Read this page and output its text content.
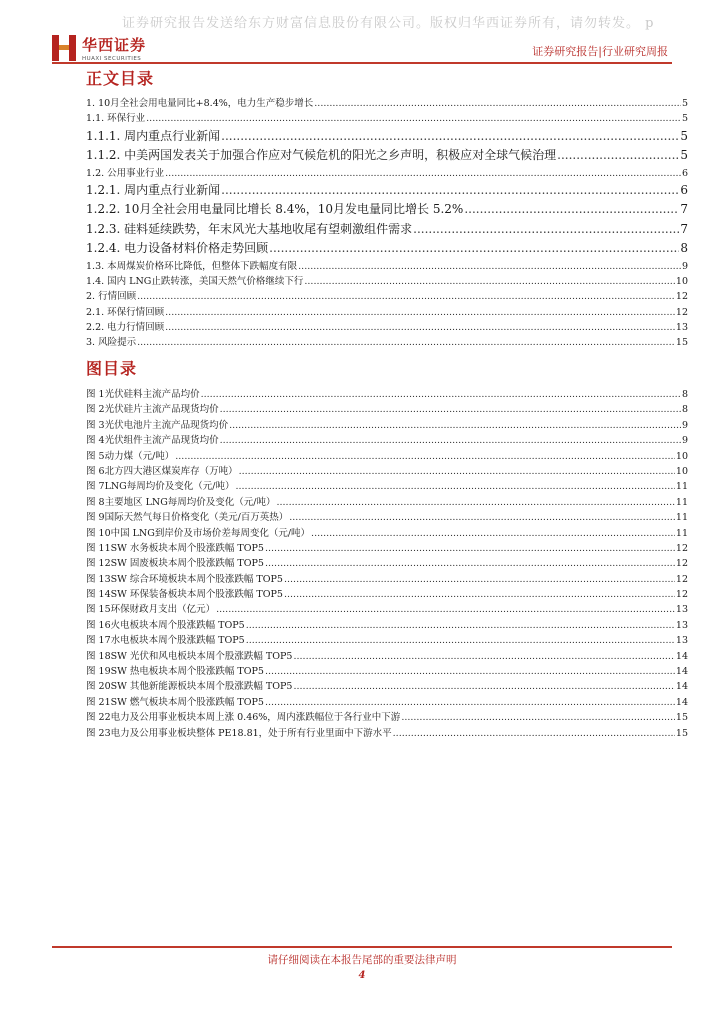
证券研究报告发送给东方财富信息股份有限公司。版权归华西证券所有，请勿转发。 p
华西证券
HUAXI SECURITIES
证券研究报告|行业研究周报
正文目录
1. 10月全社会用电量同比+8.4%，电力生产稳步增长 .....	5
1.1. 环保行业 .....	5
1.1.1. 周内重点行业新闻 .....	5
1.1.2. 中美两国发表关于加强合作应对气候危机的阳光之乡声明，积极应对全球气候治理 .....	5
1.2. 公用事业行业 .....	6
1.2.1. 周内重点行业新闻 .....	6
1.2.2. 10月全社会用电量同比增长 8.4%，10月发电量同比增长 5.2% .....	7
1.2.3. 硅料延续跌势，年末风光大基地收尾有望刺激组件需求 .....	7
1.2.4. 电力设备材料价格走势回顾 .....	8
1.3. 本周煤炭价格环比降低，但整体下跌幅度有限 .....	9
1.4. 国内 LNG止跌转涨，美国天然气价格继续下行 .....	10
2. 行情回顾 .....	12
2.1. 环保行情回顾 .....	12
2.2. 电力行情回顾 .....	13
3. 风险提示 .....	15
图目录
图 1光伏硅料主流产品均价 .....	8
图 2光伏硅片主流产品现货均价 .....	8
图 3光伏电池片主流产品现货均价 .....	9
图 4光伏组件主流产品现货均价 .....	9
图 5动力煤（元/吨） .....	10
图 6北方四大港区煤炭库存（万吨） .....	10
图 7LNG每周均价及变化（元/吨） .....	11
图 8主要地区 LNG每周均价及变化（元/吨） .....	11
图 9国际天然气每日价格变化（美元/百万英热） .....	11
图 10中国 LNG到岸价及市场价差每周变化（元/吨） .....	11
图 11SW 水务板块本周个股涨跌幅 TOP5 .....	12
图 12SW 固废板块本周个股涨跌幅 TOP5 .....	12
图 13SW 综合环境板块本周个股涨跌幅 TOP5 .....	12
图 14SW 环保装备板块本周个股涨跌幅 TOP5 .....	12
图 15环保财政月支出（亿元） .....	13
图 16火电板块本周个股涨跌幅 TOP5 .....	13
图 17水电板块本周个股涨跌幅 TOP5 .....	13
图 18SW 光伏和风电板块本周个股涨跌幅 TOP5 .....	14
图 19SW 热电板块本周个股涨跌幅 TOP5 .....	14
图 20SW 其他新能源板块本周个股涨跌幅 TOP5 .....	14
图 21SW 燃气板块本周个股涨跌幅 TOP5 .....	14
图 22电力及公用事业板块本周上涨 0.46%，周内涨跌幅位于各行业中下游 .....	15
图 23电力及公用事业板块整体 PE18.81，处于所有行业里面中下游水平 .....	15
请仔细阅读在本报告尾部的重要法律声明
4
